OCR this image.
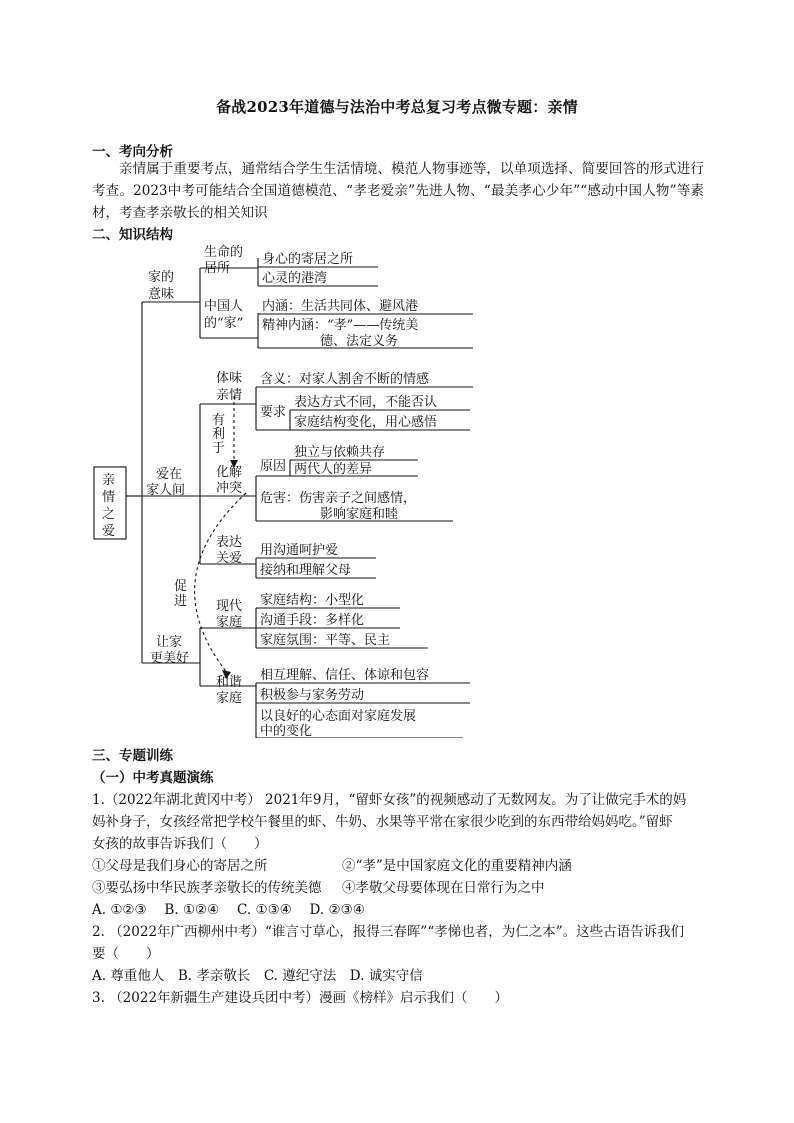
备战2023年道德与法治中考总复习考点微专题：亲情
一、考向分析
亲情属于重要考点，通常结合学生生活情境、模范人物事迹等，以单项选择、简要回答的形式进行考查。2023中考可能结合全国道德模范、“孝老爱亲”先进人物、“最美孝心少年”“感动中国人物”等素材，考查孝亲敬长的相关知识
二、知识结构
亲
情
之
爱
家的
意味
生命的
居所
身心的寄居之所
心灵的港湾
中国人
的“家”
内涵：生活共同体、避风港
精神内涵：“孝”——传统美
德、法定义务
爱在
家人间
体味
亲情
含义：对家人割舍不断的情感
要求
表达方式不同，不能否认
家庭结构变化，用心感悟
有
利
于
化解
冲突
原因
独立与依赖共存
两代人的差异
危害：伤害亲子之间感情，
影响家庭和睦
表达
关爱
用沟通呵护爱
接纳和理解父母
促
进
让家
更美好
现代
家庭
家庭结构：小型化
沟通手段：多样化
家庭氛围：平等、民主
和谐
家庭
相互理解、信任、体谅和包容
积极参与家务劳动
以良好的心态面对家庭发展
中的变化
三、专题训练
（一）中考真题演练
1.（2022年湖北黄冈中考） 2021年9月，“留虾女孩”的视频感动了无数网友。为了让做完手术的妈
妈补身子，女孩经常把学校午餐里的虾、牛奶、水果等平常在家很少吃到的东西带给妈妈吃。”留虾
女孩的故事告诉我们（　　）
①父母是我们身心的寄居之所	②“孝”是中国家庭文化的重要精神内涵
③要弘扬中华民族孝亲敬长的传统美德 ④孝敬父母要体现在日常行为之中
A. ①②③　 B. ①②④　 C. ①③④　 D. ②③④
2. （2022年广西柳州中考）“谁言寸草心，报得三春晖”“孝悌也者，为仁之本”。这些古语告诉我们
要（　　）
A. 尊重他人　B. 孝亲敬长　C. 遵纪守法　D. 诚实守信
3. （2022年新疆生产建设兵团中考）漫画《榜样》启示我们（　　）
